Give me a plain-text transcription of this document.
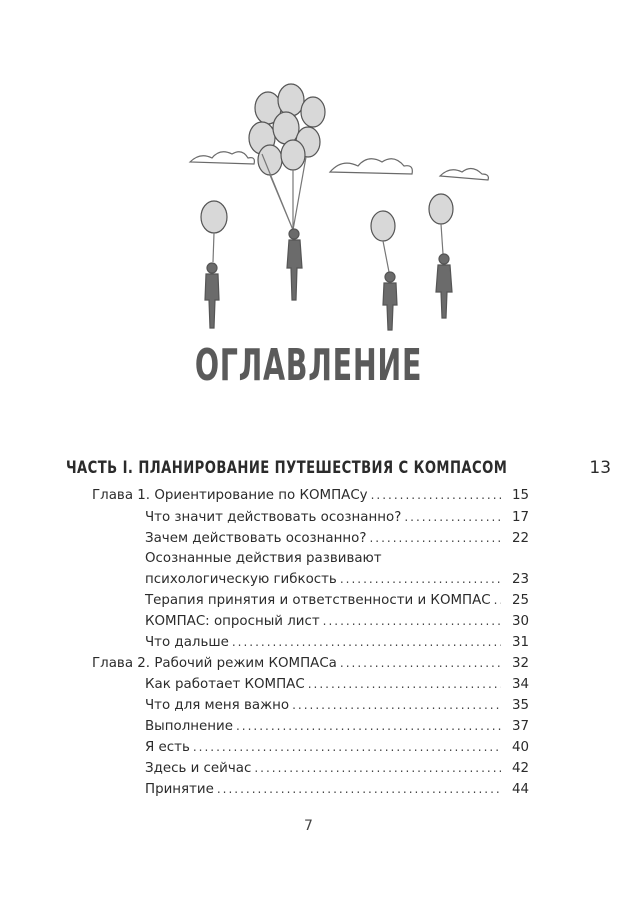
ОГЛАВЛЕНИЕ
ЧАСТЬ I. ПЛАНИРОВАНИЕ ПУТЕШЕСТВИЯ С КОМПАСОМ	13
Глава 1. Ориентирование по КОМПАСу .....	15
Что значит действовать осознанно? .....	17
Зачем действовать осознанно? .....	22
Осознанные действия развивают
психологическую гибкость .....	23
Терапия принятия и ответственности и КОМПАС .....	25
КОМПАС: опросный лист .....	30
Что дальше .....	31
Глава 2. Рабочий режим КОМПАСа .....	32
Как работает КОМПАС .....	34
Что для меня важно .....	35
Выполнение .....	37
Я есть .....	40
Здесь и сейчас .....	42
Принятие .....	44
7
